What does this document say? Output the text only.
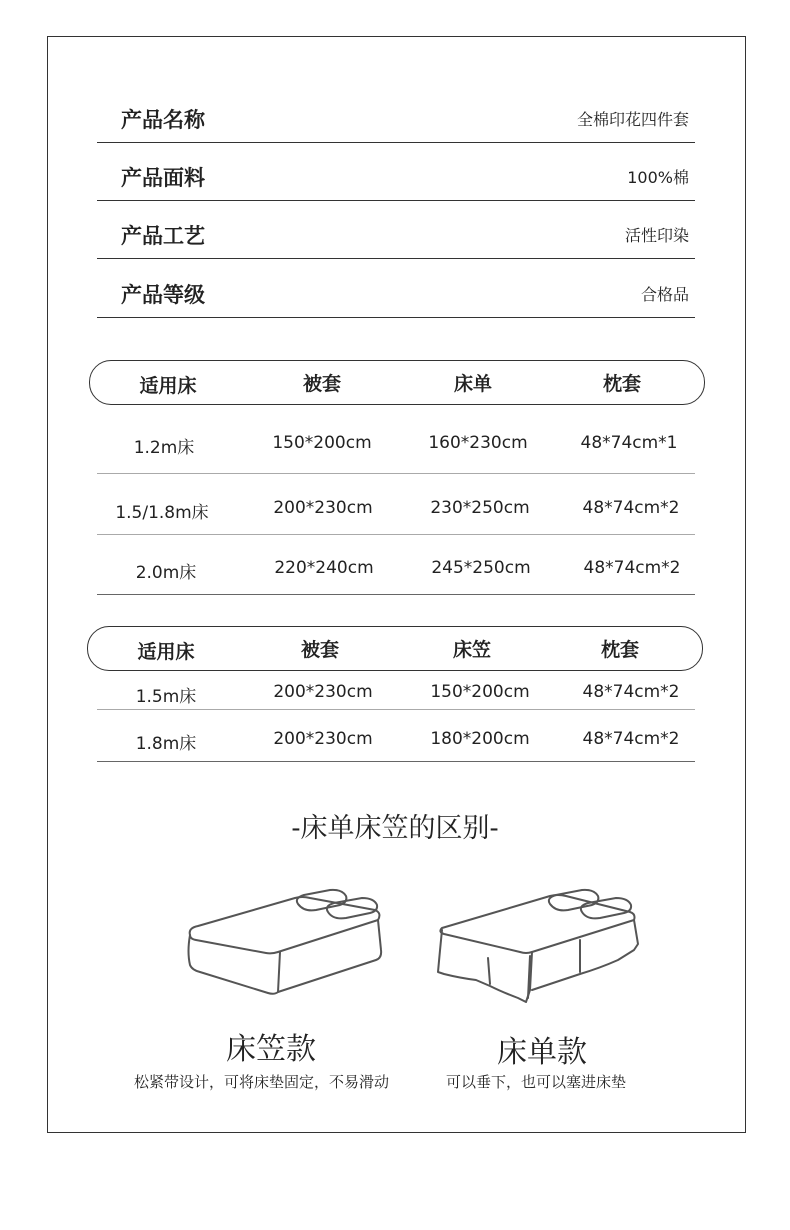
产品名称	全棉印花四件套
产品面料	100%棉
产品工艺	活性印染
产品等级	合格品
适用床	被套	床单	枕套
1.2m床	150*200cm	160*230cm	48*74cm*1
1.5/1.8m床	200*230cm	230*250cm	48*74cm*2
2.0m床	220*240cm	245*250cm	48*74cm*2
适用床	被套	床笠	枕套
1.5m床	200*230cm	150*200cm	48*74cm*2
1.8m床	200*230cm	180*200cm	48*74cm*2
-床单床笠的区别-
床笠款	床单款
松紧带设计，可将床垫固定，不易滑动	可以垂下，也可以塞进床垫
